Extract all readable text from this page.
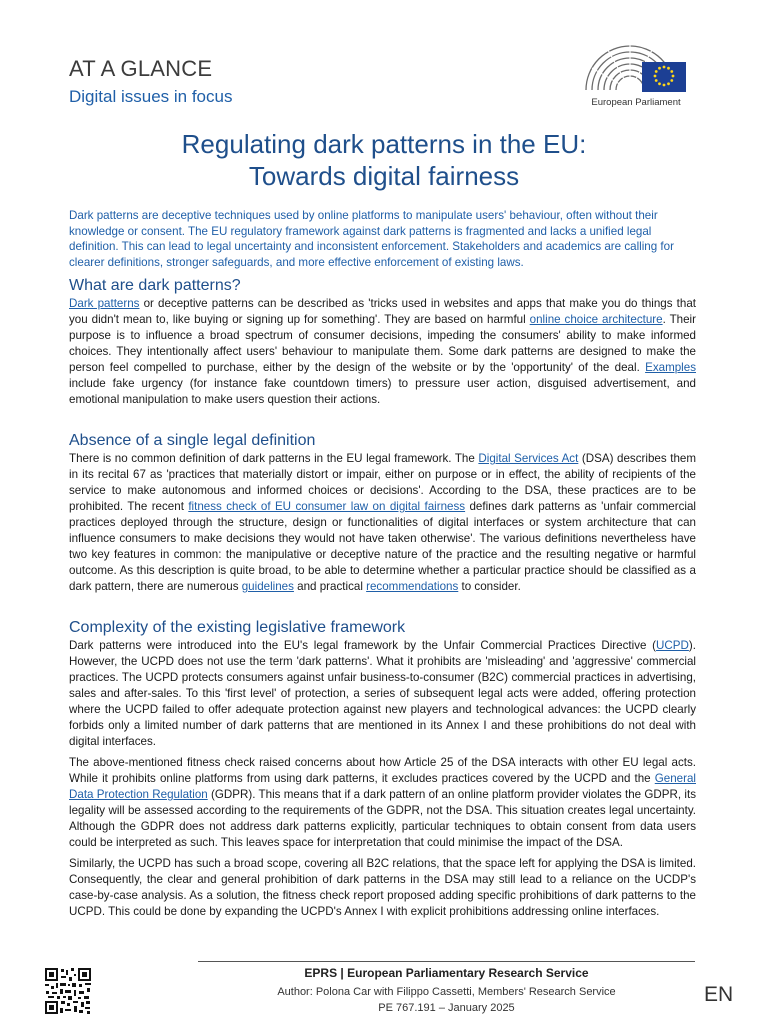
AT A GLANCE
Digital issues in focus	European Parliament
Regulating dark patterns in the EU:
Towards digital fairness

Dark patterns are deceptive techniques used by online platforms to manipulate users' behaviour, often without their knowledge or consent. The EU regulatory framework against dark patterns is fragmented and lacks a unified legal definition. This can lead to legal uncertainty and inconsistent enforcement. Stakeholders and academics are calling for clearer definitions, stronger safeguards, and more effective enforcement of existing laws.

What are dark patterns?

Dark patterns or deceptive patterns can be described as 'tricks used in websites and apps that make you do things that you didn't mean to, like buying or signing up for something'. They are based on harmful online choice architecture. Their purpose is to influence a broad spectrum of consumer decisions, impeding the consumers' ability to make informed choices. They intentionally affect users' behaviour to manipulate them. Some dark patterns are designed to make the person feel compelled to purchase, either by the design of the website or by the 'opportunity' of the deal. Examples include fake urgency (for instance fake countdown timers) to pressure user action, disguised advertisement, and emotional manipulation to make users question their actions.

Absence of a single legal definition

There is no common definition of dark patterns in the EU legal framework. The Digital Services Act (DSA) describes them in its recital 67 as 'practices that materially distort or impair, either on purpose or in effect, the ability of recipients of the service to make autonomous and informed choices or decisions'. According to the DSA, these practices are to be prohibited. The recent fitness check of EU consumer law on digital fairness defines dark patterns as 'unfair commercial practices deployed through the structure, design or functionalities of digital interfaces or system architecture that can influence consumers to make decisions they would not have taken otherwise'. The various definitions nevertheless have two key features in common: the manipulative or deceptive nature of the practice and the resulting negative or harmful outcome. As this description is quite broad, to be able to determine whether a particular practice should be classified as a dark pattern, there are numerous guidelines and practical recommendations to consider.

Complexity of the existing legislative framework

Dark patterns were introduced into the EU's legal framework by the Unfair Commercial Practices Directive (UCPD). However, the UCPD does not use the term 'dark patterns'. What it prohibits are 'misleading' and 'aggressive' commercial practices. The UCPD protects consumers against unfair business-to-consumer (B2C) commercial practices in advertising, sales and after-sales. To this 'first level' of protection, a series of subsequent legal acts were added, offering protection where the UCPD failed to offer adequate protection against new players and technological advances: the UCPD clearly forbids only a limited number of dark patterns that are mentioned in its Annex I and these prohibitions do not deal with digital interfaces.

The above-mentioned fitness check raised concerns about how Article 25 of the DSA interacts with other EU legal acts. While it prohibits online platforms from using dark patterns, it excludes practices covered by the UCPD and the General Data Protection Regulation (GDPR). This means that if a dark pattern of an online platform provider violates the GDPR, its legality will be assessed according to the requirements of the GDPR, not the DSA. This situation creates legal uncertainty. Although the GDPR does not address dark patterns explicitly, particular techniques to obtain consent from data users could be interpreted as such. This leaves space for interpretation that could minimise the impact of the DSA.

Similarly, the UCPD has such a broad scope, covering all B2C relations, that the space left for applying the DSA is limited. Consequently, the clear and general prohibition of dark patterns in the DSA may still lead to a reliance on the UCDP's case-by-case analysis. As a solution, the fitness check report proposed adding specific prohibitions of dark patterns to the UCPD. This could be done by expanding the UCPD's Annex I with explicit prohibitions addressing online interfaces.

EPRS | European Parliamentary Research Service
Author: Polona Car with Filippo Cassetti, Members' Research Service
PE 767.191 – January 2025
EN
